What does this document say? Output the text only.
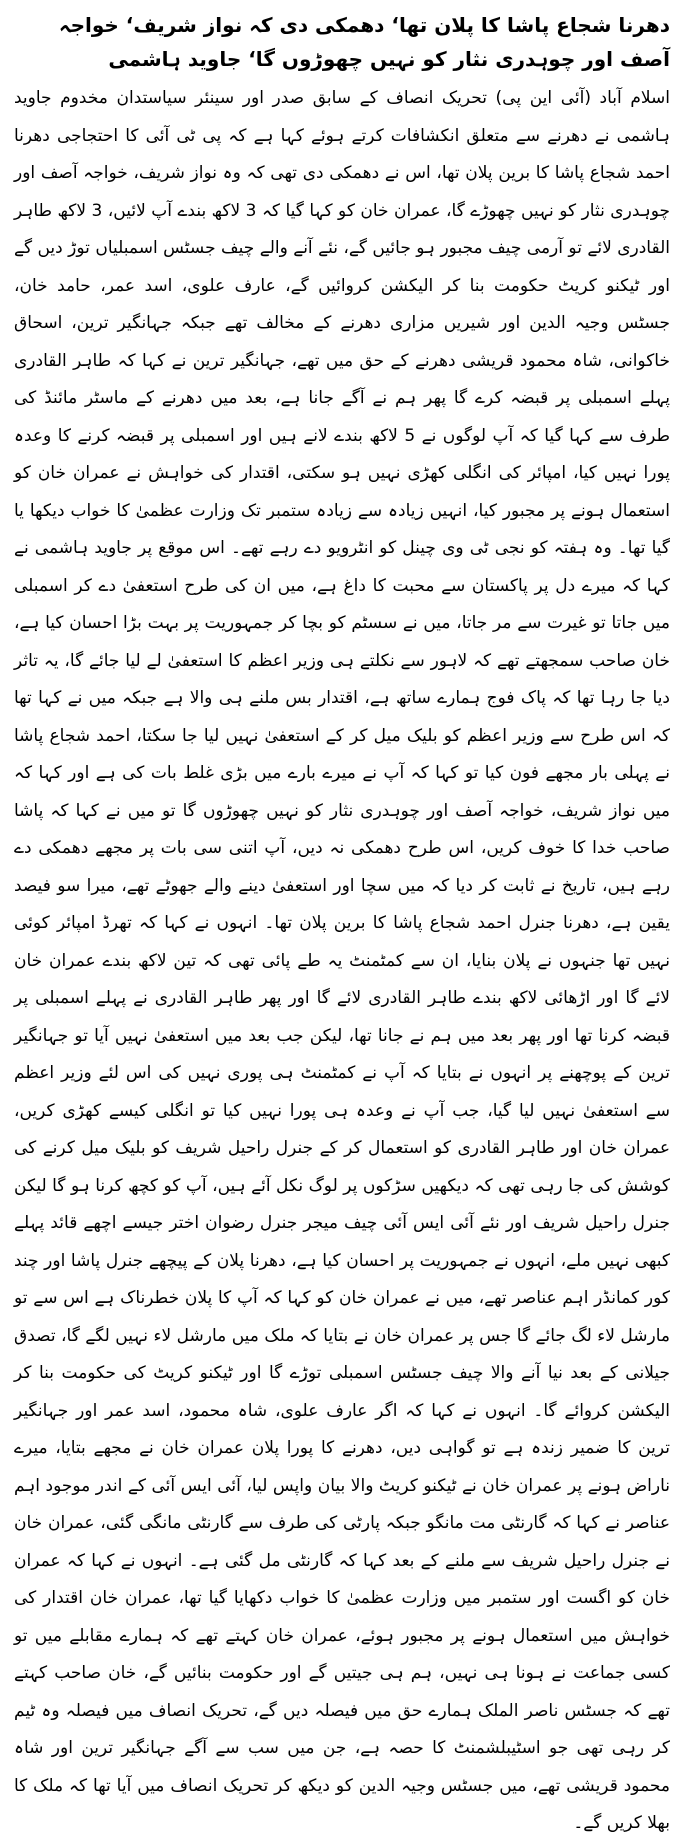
دھرنا شجاع پاشا کا پلان تھا‘ دھمکی دی کہ نواز شریف‘ خواجہ آصف اور چوہدری نثار کو نہیں چھوڑوں گا‘ جاوید ہاشمی

اسلام آباد (آئی این پی) تحریک انصاف کے سابق صدر اور سینئر سیاستدان مخدوم جاوید ہاشمی نے دھرنے سے متعلق انکشافات کرتے ہوئے کہا ہے کہ پی ٹی آئی کا احتجاجی دھرنا احمد شجاع پاشا کا برین پلان تھا، اس نے دھمکی دی تھی کہ وہ نواز شریف، خواجہ آصف اور چوہدری نثار کو نہیں چھوڑے گا، عمران خان کو کہا گیا کہ 3 لاکھ بندے آپ لائیں، 3 لاکھ طاہر القادری لائے تو آرمی چیف مجبور ہو جائیں گے، نئے آنے والے چیف جسٹس اسمبلیاں توڑ دیں گے اور ٹیکنو کریٹ حکومت بنا کر الیکشن کروائیں گے، عارف علوی، اسد عمر، حامد خان، جسٹس وجیہ الدین اور شیریں مزاری دھرنے کے مخالف تھے جبکہ جہانگیر ترین، اسحاق خاکوانی، شاہ محمود قریشی دھرنے کے حق میں تھے، جہانگیر ترین نے کہا کہ طاہر القادری پہلے اسمبلی پر قبضہ کرے گا پھر ہم نے آگے جانا ہے، بعد میں دھرنے کے ماسٹر مائنڈ کی طرف سے کہا گیا کہ آپ لوگوں نے 5 لاکھ بندے لانے ہیں اور اسمبلی پر قبضہ کرنے کا وعدہ پورا نہیں کیا، امپائر کی انگلی کھڑی نہیں ہو سکتی، اقتدار کی خواہش نے عمران خان کو استعمال ہونے پر مجبور کیا، انہیں زیادہ سے زیادہ ستمبر تک وزارت عظمیٰ کا خواب دیکھا یا گیا تھا۔ وہ ہفتہ کو نجی ٹی وی چینل کو انٹرویو دے رہے تھے۔ اس موقع پر جاوید ہاشمی نے کہا کہ میرے دل پر پاکستان سے محبت کا داغ ہے، میں ان کی طرح استعفیٰ دے کر اسمبلی میں جاتا تو غیرت سے مر جاتا، میں نے سسٹم کو بچا کر جمہوریت پر بہت بڑا احسان کیا ہے، خان صاحب سمجھتے تھے کہ لاہور سے نکلتے ہی وزیر اعظم کا استعفیٰ لے لیا جائے گا، یہ تاثر دیا جا رہا تھا کہ پاک فوج ہمارے ساتھ ہے، اقتدار بس ملنے ہی والا ہے جبکہ میں نے کہا تھا کہ اس طرح سے وزیر اعظم کو بلیک میل کر کے استعفیٰ نہیں لیا جا سکتا، احمد شجاع پاشا نے پہلی بار مجھے فون کیا تو کہا کہ آپ نے میرے بارے میں بڑی غلط بات کی ہے اور کہا کہ میں نواز شریف، خواجہ آصف اور چوہدری نثار کو نہیں چھوڑوں گا تو میں نے کہا کہ پاشا صاحب خدا کا خوف کریں، اس طرح دھمکی نہ دیں، آپ اتنی سی بات پر مجھے دھمکی دے رہے ہیں، تاریخ نے ثابت کر دیا کہ میں سچا اور استعفیٰ دینے والے جھوٹے تھے، میرا سو فیصد یقین ہے، دھرنا جنرل احمد شجاع پاشا کا برین پلان تھا۔ انہوں نے کہا کہ تھرڈ امپائر کوئی نہیں تھا جنہوں نے پلان بنایا، ان سے کمٹمنٹ یہ طے پائی تھی کہ تین لاکھ بندے عمران خان لائے گا اور اڑھائی لاکھ بندے طاہر القادری لائے گا اور پھر طاہر القادری نے پہلے اسمبلی پر قبضہ کرنا تھا اور پھر بعد میں ہم نے جانا تھا، لیکن جب بعد میں استعفیٰ نہیں آیا تو جہانگیر ترین کے پوچھنے پر انہوں نے بتایا کہ آپ نے کمٹمنٹ ہی پوری نہیں کی اس لئے وزیر اعظم سے استعفیٰ نہیں لیا گیا، جب آپ نے وعدہ ہی پورا نہیں کیا تو انگلی کیسے کھڑی کریں، عمران خان اور طاہر القادری کو استعمال کر کے جنرل راحیل شریف کو بلیک میل کرنے کی کوشش کی جا رہی تھی کہ دیکھیں سڑکوں پر لوگ نکل آئے ہیں، آپ کو کچھ کرنا ہو گا لیکن جنرل راحیل شریف اور نئے آئی ایس آئی چیف میجر جنرل رضوان اختر جیسے اچھے قائد پہلے کبھی نہیں ملے، انہوں نے جمہوریت پر احسان کیا ہے، دھرنا پلان کے پیچھے جنرل پاشا اور چند کور کمانڈر اہم عناصر تھے، میں نے عمران خان کو کہا کہ آپ کا پلان خطرناک ہے اس سے تو مارشل لاء لگ جائے گا جس پر عمران خان نے بتایا کہ ملک میں مارشل لاء نہیں لگے گا، تصدق جیلانی کے بعد نیا آنے والا چیف جسٹس اسمبلی توڑے گا اور ٹیکنو کریٹ کی حکومت بنا کر الیکشن کروائے گا۔ انہوں نے کہا کہ اگر عارف علوی، شاہ محمود، اسد عمر اور جہانگیر ترین کا ضمیر زندہ ہے تو گواہی دیں، دھرنے کا پورا پلان عمران خان نے مجھے بتایا، میرے ناراض ہونے پر عمران خان نے ٹیکنو کریٹ والا بیان واپس لیا، آئی ایس آئی کے اندر موجود اہم عناصر نے کہا کہ گارنٹی مت مانگو جبکہ پارٹی کی طرف سے گارنٹی مانگی گئی، عمران خان نے جنرل راحیل شریف سے ملنے کے بعد کہا کہ گارنٹی مل گئی ہے۔ انہوں نے کہا کہ عمران خان کو اگست اور ستمبر میں وزارت عظمیٰ کا خواب دکھایا گیا تھا، عمران خان اقتدار کی خواہش میں استعمال ہونے پر مجبور ہوئے، عمران خان کہتے تھے کہ ہمارے مقابلے میں تو کسی جماعت نے ہونا ہی نہیں، ہم ہی جیتیں گے اور حکومت بنائیں گے، خان صاحب کہتے تھے کہ جسٹس ناصر الملک ہمارے حق میں فیصلہ دیں گے، تحریک انصاف میں فیصلہ وہ ٹیم کر رہی تھی جو اسٹیبلشمنٹ کا حصہ ہے، جن میں سب سے آگے جہانگیر ترین اور شاہ محمود قریشی تھے، میں جسٹس وجیہ الدین کو دیکھ کر تحریک انصاف میں آیا تھا کہ ملک کا بھلا کریں گے۔
